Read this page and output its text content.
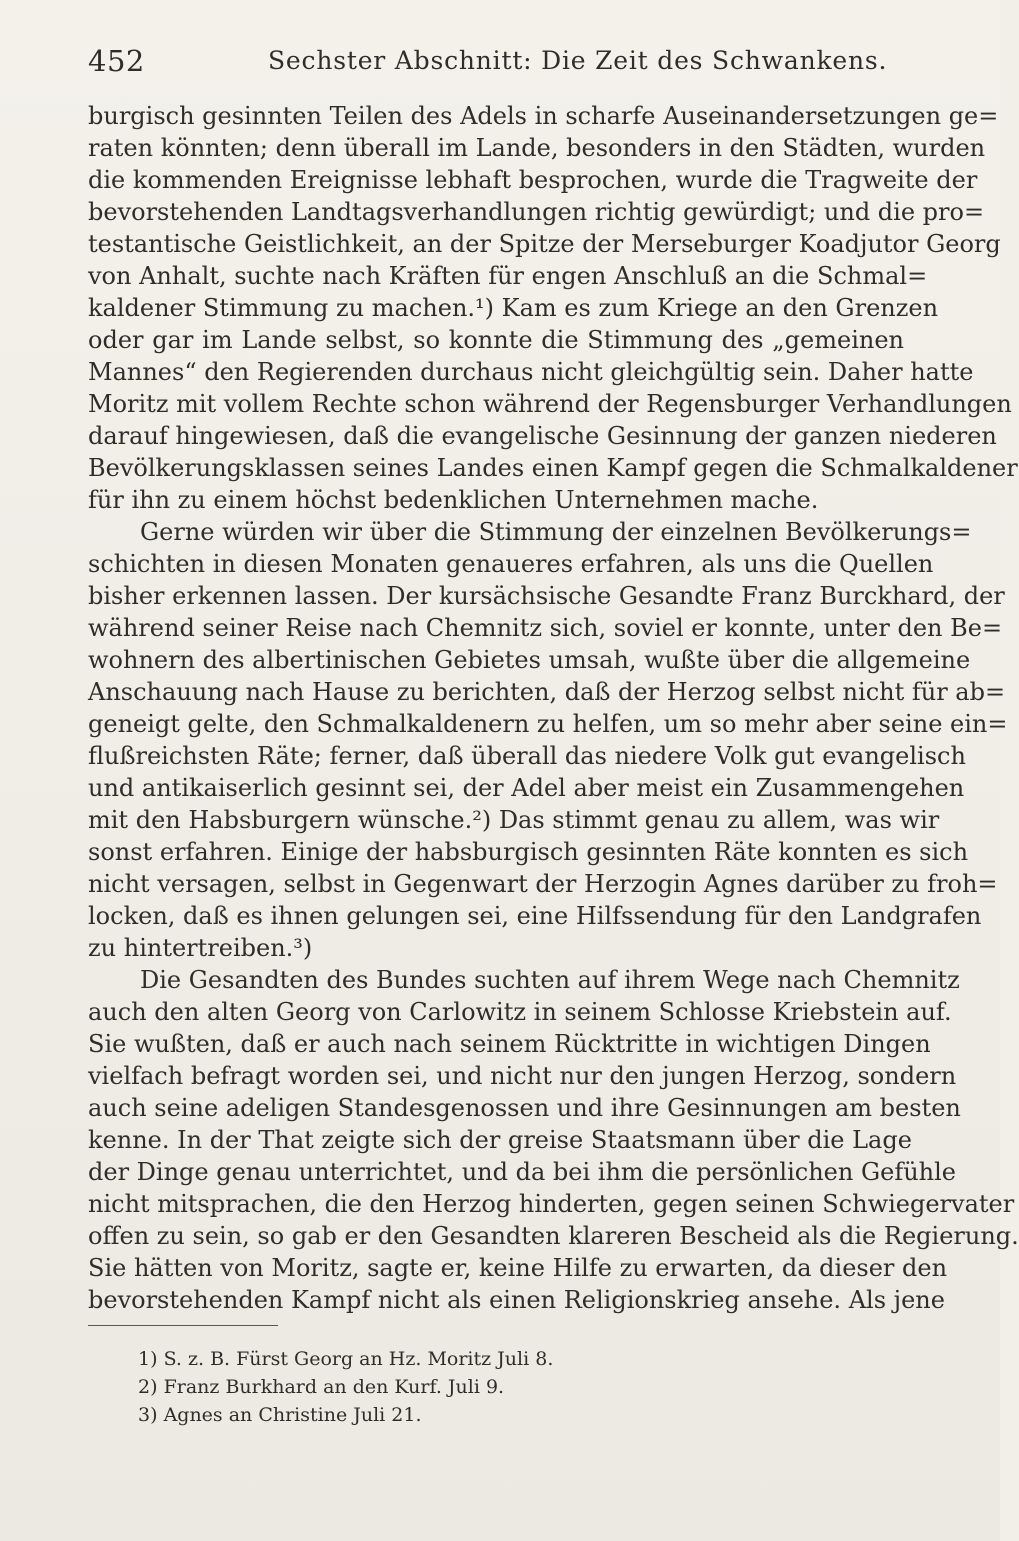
452	Sechster Abschnitt: Die Zeit des Schwankens.
burgisch gesinnten Teilen des Adels in scharfe Auseinandersetzungen ge=
raten könnten; denn überall im Lande, besonders in den Städten, wurden
die kommenden Ereignisse lebhaft besprochen, wurde die Tragweite der
bevorstehenden Landtagsverhandlungen richtig gewürdigt; und die pro=
testantische Geistlichkeit, an der Spitze der Merseburger Koadjutor Georg
von Anhalt, suchte nach Kräften für engen Anschluß an die Schmal=
kaldener Stimmung zu machen.¹) Kam es zum Kriege an den Grenzen
oder gar im Lande selbst, so konnte die Stimmung des „gemeinen
Mannes“ den Regierenden durchaus nicht gleichgültig sein. Daher hatte
Moritz mit vollem Rechte schon während der Regensburger Verhandlungen
darauf hingewiesen, daß die evangelische Gesinnung der ganzen niederen
Bevölkerungsklassen seines Landes einen Kampf gegen die Schmalkaldener
für ihn zu einem höchst bedenklichen Unternehmen mache.
Gerne würden wir über die Stimmung der einzelnen Bevölkerungs=
schichten in diesen Monaten genaueres erfahren, als uns die Quellen
bisher erkennen lassen. Der kursächsische Gesandte Franz Burckhard, der
während seiner Reise nach Chemnitz sich, soviel er konnte, unter den Be=
wohnern des albertinischen Gebietes umsah, wußte über die allgemeine
Anschauung nach Hause zu berichten, daß der Herzog selbst nicht für ab=
geneigt gelte, den Schmalkaldenern zu helfen, um so mehr aber seine ein=
flußreichsten Räte; ferner, daß überall das niedere Volk gut evangelisch
und antikaiserlich gesinnt sei, der Adel aber meist ein Zusammengehen
mit den Habsburgern wünsche.²) Das stimmt genau zu allem, was wir
sonst erfahren. Einige der habsburgisch gesinnten Räte konnten es sich
nicht versagen, selbst in Gegenwart der Herzogin Agnes darüber zu froh=
locken, daß es ihnen gelungen sei, eine Hilfssendung für den Landgrafen
zu hintertreiben.³)
Die Gesandten des Bundes suchten auf ihrem Wege nach Chemnitz
auch den alten Georg von Carlowitz in seinem Schlosse Kriebstein auf.
Sie wußten, daß er auch nach seinem Rücktritte in wichtigen Dingen
vielfach befragt worden sei, und nicht nur den jungen Herzog, sondern
auch seine adeligen Standesgenossen und ihre Gesinnungen am besten
kenne. In der That zeigte sich der greise Staatsmann über die Lage
der Dinge genau unterrichtet, und da bei ihm die persönlichen Gefühle
nicht mitsprachen, die den Herzog hinderten, gegen seinen Schwiegervater
offen zu sein, so gab er den Gesandten klareren Bescheid als die Regierung.
Sie hätten von Moritz, sagte er, keine Hilfe zu erwarten, da dieser den
bevorstehenden Kampf nicht als einen Religionskrieg ansehe. Als jene
1) S. z. B. Fürst Georg an Hz. Moritz Juli 8.
2) Franz Burkhard an den Kurf. Juli 9.
3) Agnes an Christine Juli 21.
